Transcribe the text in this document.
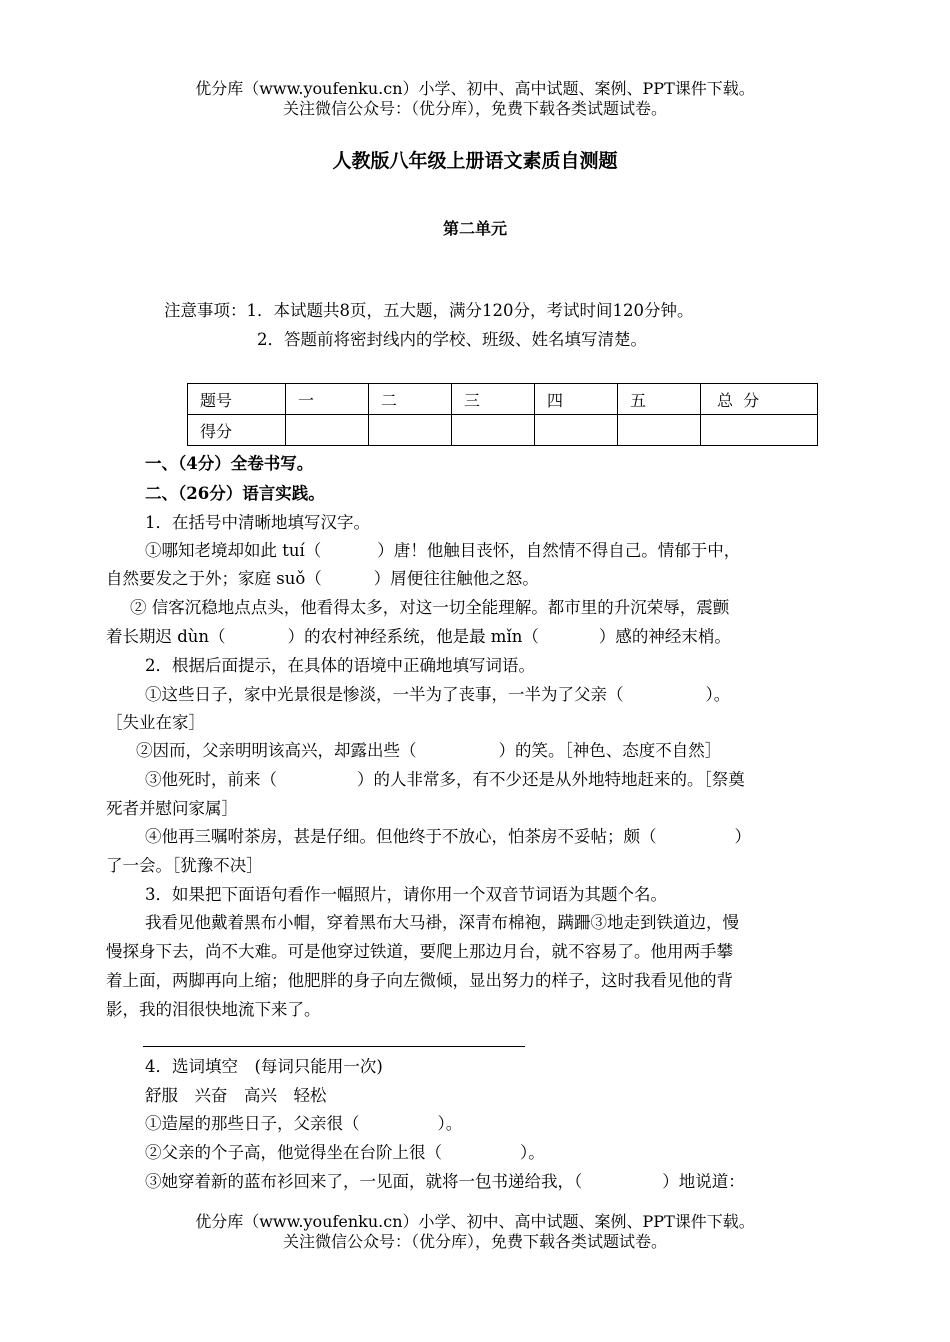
优分库（www.youfenku.cn）小学、初中、高中试题、案例、PPT课件下载。
关注微信公众号：（优分库），免费下载各类试题试卷。
人教版八年级上册语文素质自测题
第二单元
注意事项：1．本试题共8页，五大题，满分120分，考试时间120分钟。
2．答题前将密封线内的学校、班级、姓名填写清楚。
题号	一	二	三	四	五	总  分
得分						
一、（4分）全卷书写。
二、（26分）语言实践。
1．在括号中清晰地填写汉字。
①哪知老境却如此 tuí（	）唐！他触目丧怀，自然情不得自己。情郁于中，
自然要发之于外；家庭 suǒ（	）屑便往往触他之怒。
② 信客沉稳地点点头，他看得太多，对这一切全能理解。都市里的升沉荣辱，震颤
着长期迟 dùn（	）的农村神经系统，他是最 mǐn（	）感的神经末梢。
2．根据后面提示，在具体的语境中正确地填写词语。
①这些日子，家中光景很是惨淡，一半为了丧事，一半为了父亲（	）。
［失业在家］
②因而，父亲明明该高兴，却露出些（	）的笑。［神色、态度不自然］
③他死时，前来（	）的人非常多，有不少还是从外地特地赶来的。［祭奠
死者并慰问家属］
④他再三嘱咐茶房，甚是仔细。但他终于不放心，怕茶房不妥帖；颇（	）
了一会。［犹豫不决］
3．如果把下面语句看作一幅照片，请你用一个双音节词语为其题个名。
我看见他戴着黑布小帽，穿着黑布大马褂，深青布棉袍，蹒跚③地走到铁道边，慢
慢探身下去，尚不大难。可是他穿过铁道，要爬上那边月台，就不容易了。他用两手攀
着上面，两脚再向上缩；他肥胖的身子向左微倾，显出努力的样子，这时我看见他的背
影，我的泪很快地流下来了。
4．选词填空　(每词只能用一次)
舒服　兴奋　高兴　轻松
①造屋的那些日子，父亲很（	）。
②父亲的个子高，他觉得坐在台阶上很（	）。
③她穿着新的蓝布衫回来了，一见面，就将一包书递给我，（	）地说道：
优分库（www.youfenku.cn）小学、初中、高中试题、案例、PPT课件下载。
关注微信公众号：（优分库），免费下载各类试题试卷。
